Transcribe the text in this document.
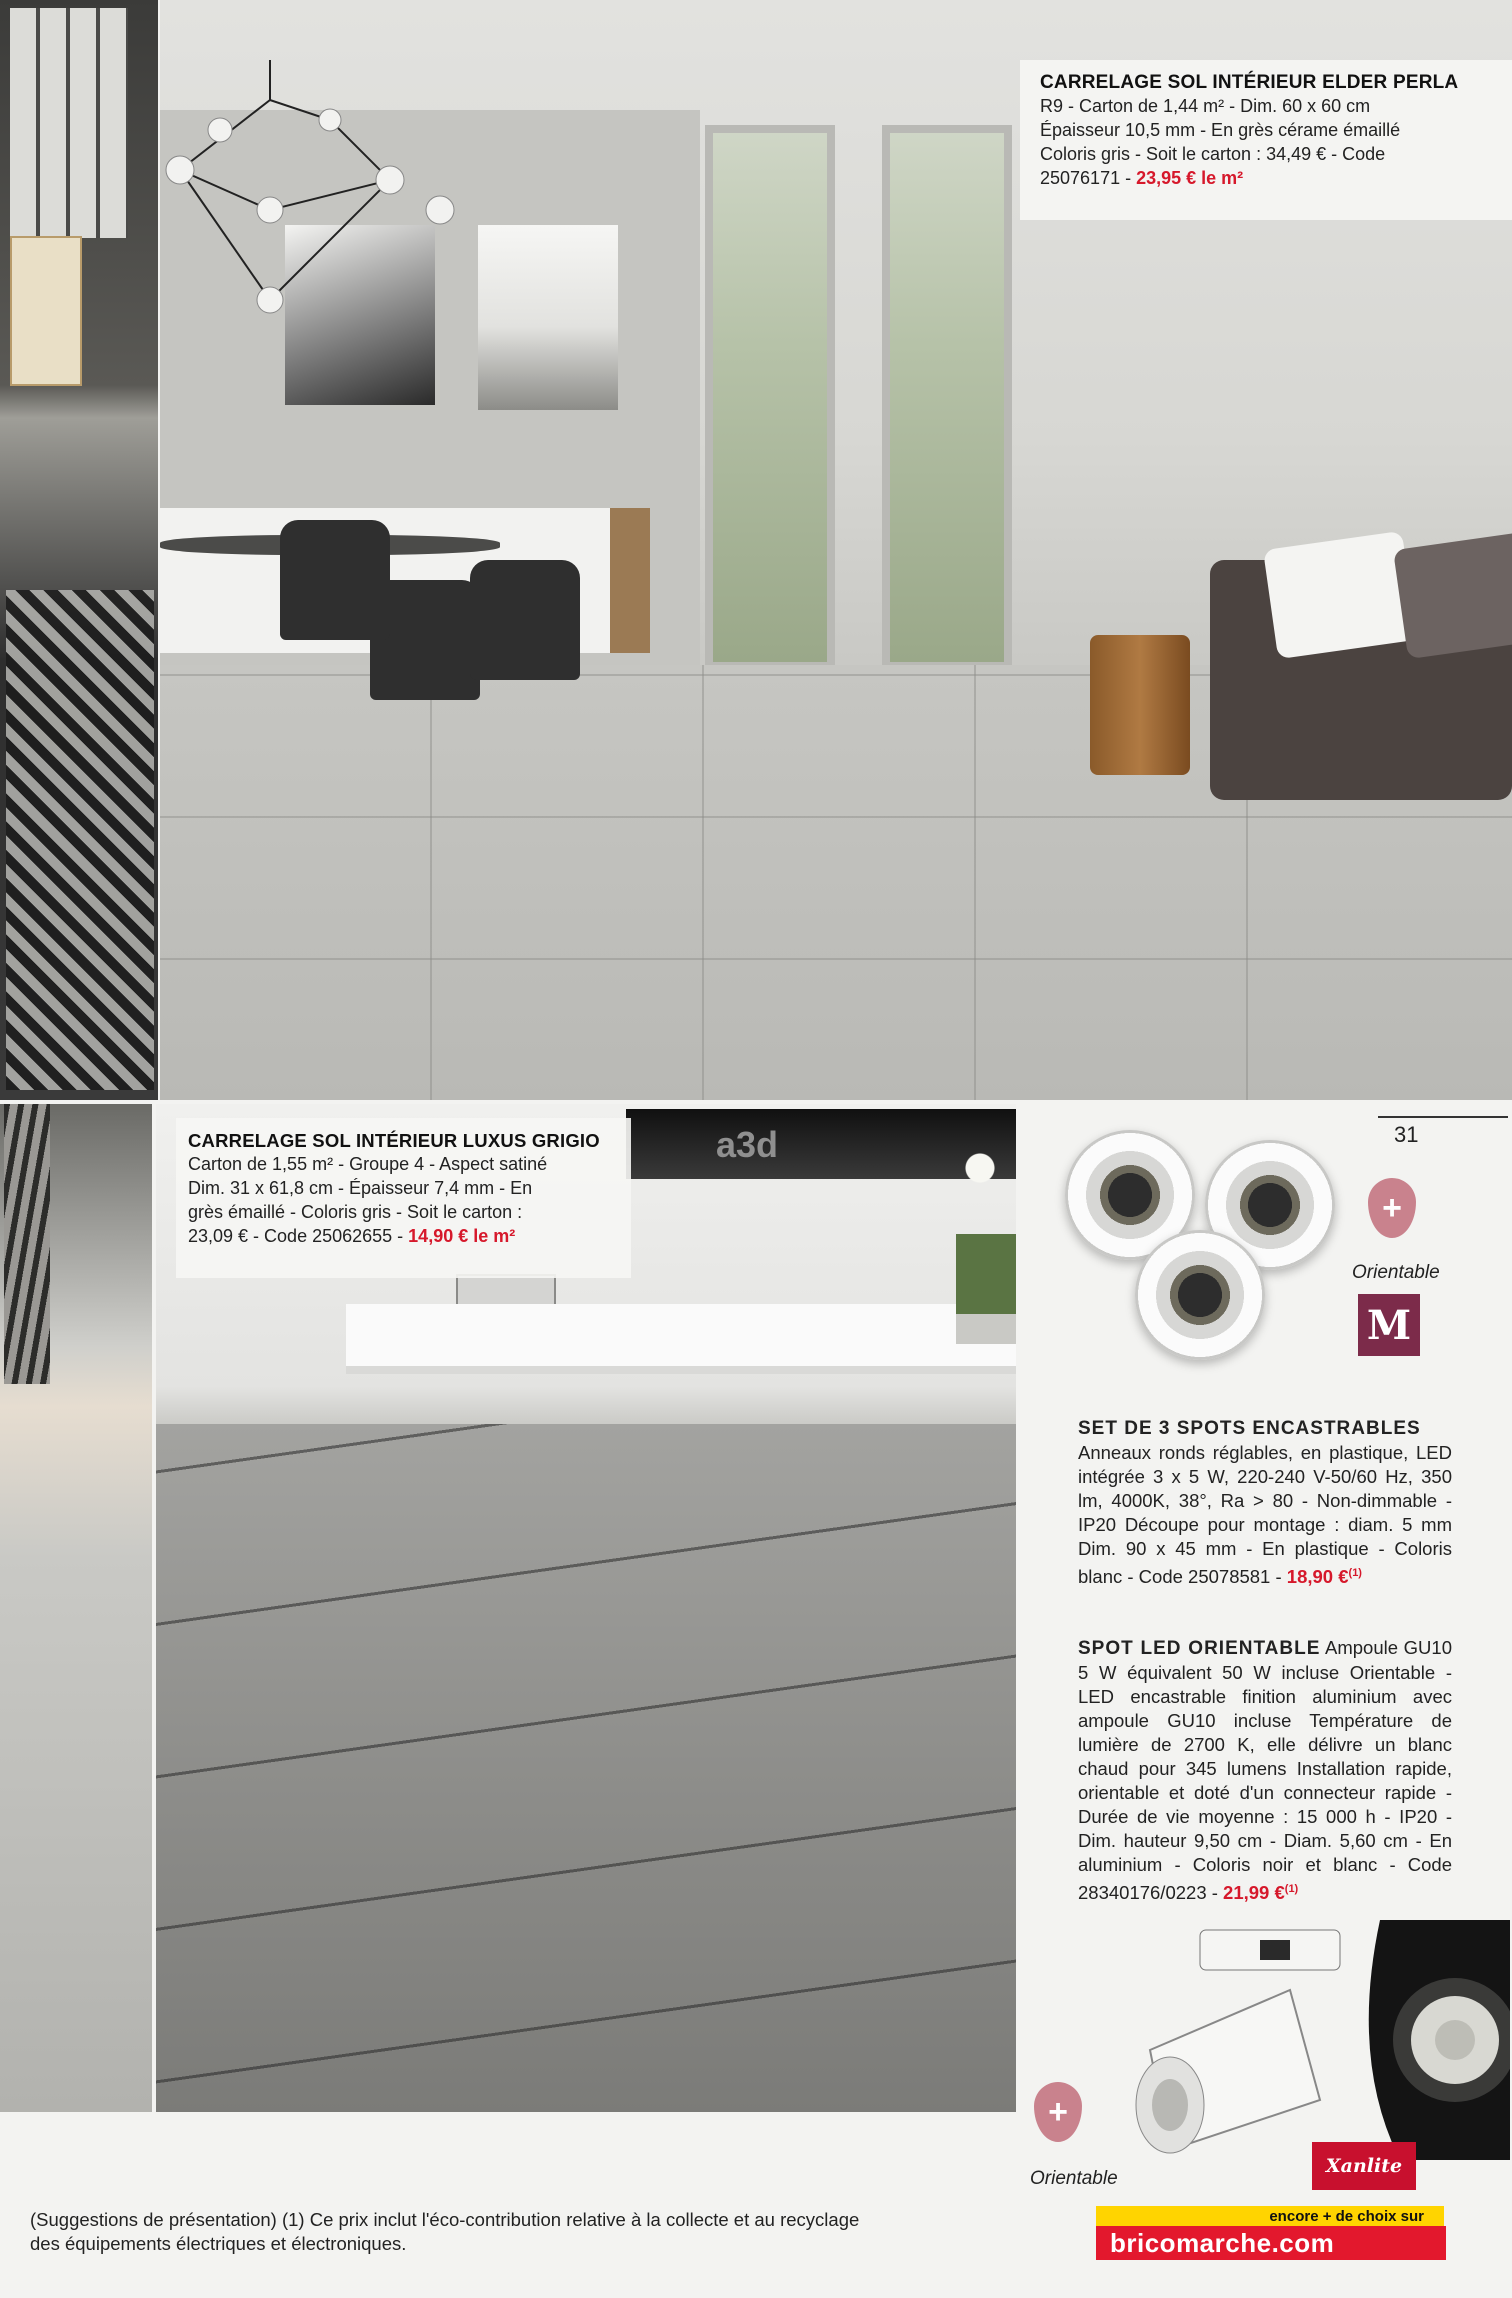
CARRELAGE SOL INTÉRIEUR ELDER PERLA
R9 - Carton de 1,44 m² - Dim. 60 x 60 cm
Épaisseur 10,5 mm - En grès cérame émaillé
Coloris gris - Soit le carton : 34,49 € - Code
25076171 - 23,95 € le m²
a3d
CARRELAGE SOL INTÉRIEUR LUXUS GRIGIO
Carton de 1,55 m² - Groupe 4 - Aspect satiné
Dim. 31 x 61,8 cm - Épaisseur 7,4 mm - En
grès émaillé - Coloris gris - Soit le carton :
23,09 € - Code 25062655 - 14,90 € le m²
31
+
Orientable
M
SET DE 3 SPOTS ENCASTRABLES
Anneaux ronds réglables, en plastique, LED intégrée 3 x 5 W, 220-240 V-50/60 Hz, 350 lm, 4000K, 38°, Ra > 80 - Non-dimmable - IP20 Découpe pour montage : diam. 5 mm Dim. 90 x 45 mm - En plastique - Coloris blanc - Code 25078581 - 18,90 €$^{(1)}$
SPOT LED ORIENTABLE Ampoule GU10 5 W équivalent 50 W incluse Orientable - LED encastrable finition aluminium avec ampoule GU10 incluse Température de lumière de 2700 K, elle délivre un blanc chaud pour 345 lumens Installation rapide, orientable et doté d'un connecteur rapide - Durée de vie moyenne : 15 000 h - IP20 - Dim. hauteur 9,50 cm - Diam. 5,60 cm - En aluminium - Coloris noir et blanc - Code 28340176/0223 - 21,99 €$^{(1)}$
+
Orientable
Xanlite
(Suggestions de présentation) (1) Ce prix inclut l'éco-contribution relative à la collecte et au recyclage
des équipements électriques et électroniques.
encore + de choix sur
bricomarche.com
